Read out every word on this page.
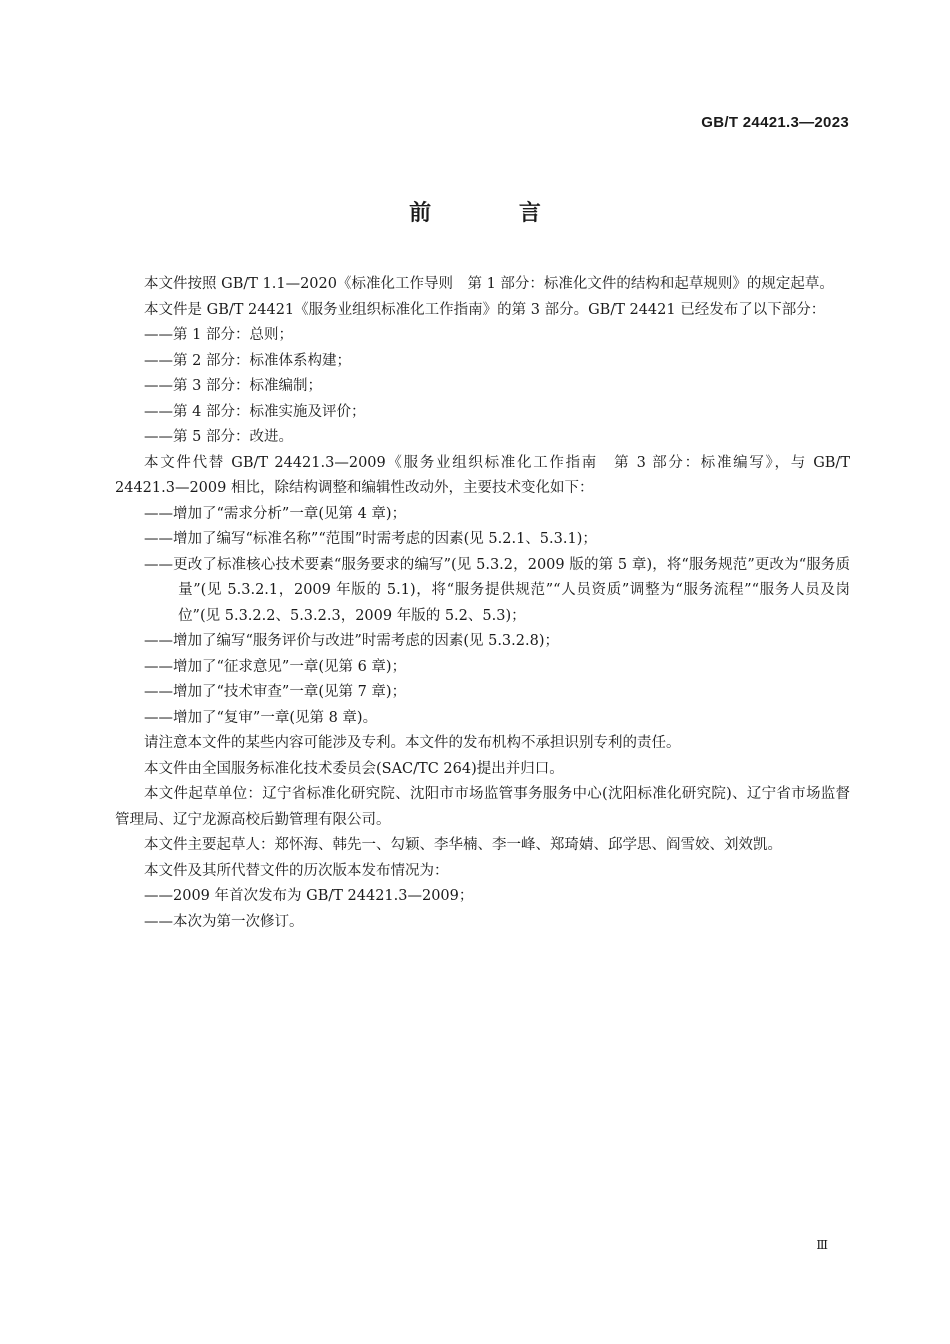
GB/T 24421.3—2023
前 言

本文件按照 GB/T 1.1—2020《标准化工作导则　第 1 部分：标准化文件的结构和起草规则》的规定起草。

本文件是 GB/T 24421《服务业组织标准化工作指南》的第 3 部分。GB/T 24421 已经发布了以下部分：

——第 1 部分：总则；

——第 2 部分：标准体系构建；

——第 3 部分：标准编制；

——第 4 部分：标准实施及评价；

——第 5 部分：改进。

本文件代替 GB/T 24421.3—2009《服务业组织标准化工作指南　第 3 部分：标准编写》，与 GB/T 24421.3—2009 相比，除结构调整和编辑性改动外，主要技术变化如下：

——增加了“需求分析”一章(见第 4 章)；

——增加了编写“标准名称”“范围”时需考虑的因素(见 5.2.1、5.3.1)；

——更改了标准核心技术要素“服务要求的编写”(见 5.3.2，2009 版的第 5 章)，将“服务规范”更改为“服务质量”(见 5.3.2.1，2009 年版的 5.1)，将“服务提供规范”“人员资质”调整为“服务流程”“服务人员及岗位”(见 5.3.2.2、5.3.2.3，2009 年版的 5.2、5.3)；

——增加了编写“服务评价与改进”时需考虑的因素(见 5.3.2.8)；

——增加了“征求意见”一章(见第 6 章)；

——增加了“技术审查”一章(见第 7 章)；

——增加了“复审”一章(见第 8 章)。

请注意本文件的某些内容可能涉及专利。本文件的发布机构不承担识别专利的责任。

本文件由全国服务标准化技术委员会(SAC/TC 264)提出并归口。

本文件起草单位：辽宁省标准化研究院、沈阳市市场监管事务服务中心(沈阳标准化研究院)、辽宁省市场监督管理局、辽宁龙源高校后勤管理有限公司。

本文件主要起草人：郑怀海、韩先一、勾颖、李华楠、李一峰、郑琦婧、邱学思、阎雪姣、刘效凯。

本文件及其所代替文件的历次版本发布情况为：

——2009 年首次发布为 GB/T 24421.3—2009；

——本次为第一次修订。

Ⅲ
